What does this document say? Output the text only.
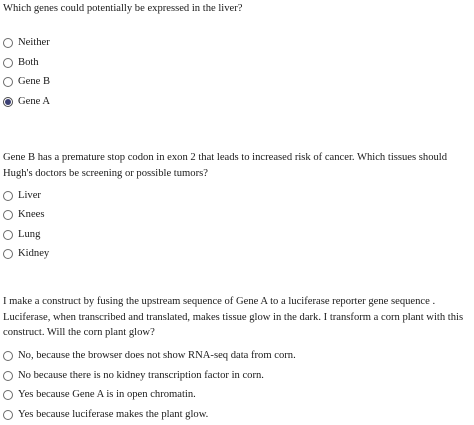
Which genes could potentially be expressed in the liver?

Neither
Both
Gene B
Gene A

Gene B has a premature stop codon in exon 2 that leads to increased risk of cancer. Which tissues should Hugh's doctors be screening or possible tumors?

Liver
Knees
Lung
Kidney

I make a construct by fusing the upstream sequence of Gene A to a luciferase reporter gene sequence . Luciferase, when transcribed and translated, makes tissue glow in the dark. I transform a corn plant with this construct. Will the corn plant glow?

No, because the browser does not show RNA-seq data from corn.
No because there is no kidney transcription factor in corn.
Yes because Gene A is in open chromatin.
Yes because luciferase makes the plant glow.
